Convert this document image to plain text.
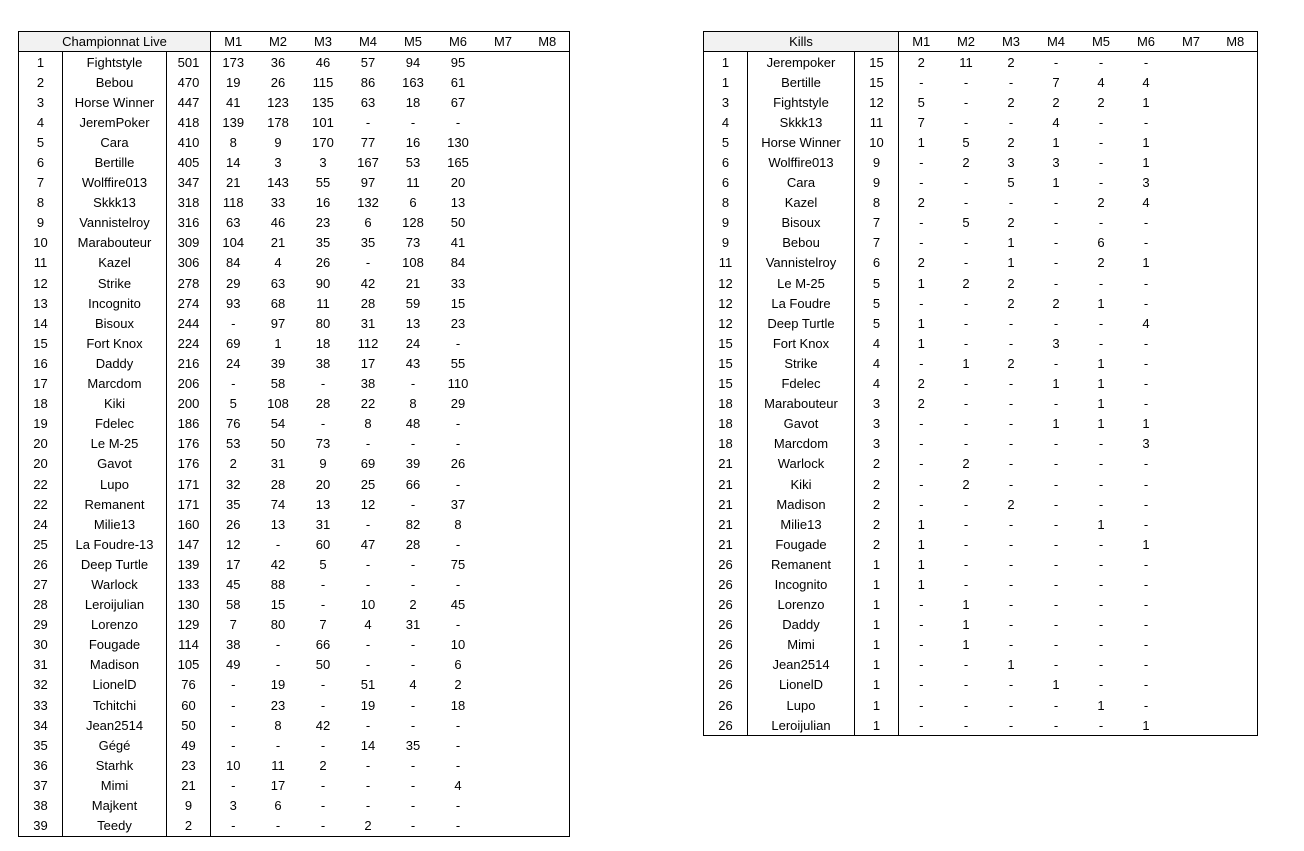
Championnat Live			M1	M2	M3	M4	M5	M6	M7	M8
1	Fightstyle	501	173	36	46	57	94	95		
2	Bebou	470	19	26	115	86	163	61		
3	Horse Winner	447	41	123	135	63	18	67		
4	JeremPoker	418	139	178	101	-	-	-		
5	Cara	410	8	9	170	77	16	130		
6	Bertille	405	14	3	3	167	53	165		
7	Wolffire013	347	21	143	55	97	11	20		
8	Skkk13	318	118	33	16	132	6	13		
9	Vannistelroy	316	63	46	23	6	128	50		
10	Marabouteur	309	104	21	35	35	73	41		
11	Kazel	306	84	4	26	-	108	84		
12	Strike	278	29	63	90	42	21	33		
13	Incognito	274	93	68	11	28	59	15		
14	Bisoux	244	-	97	80	31	13	23		
15	Fort Knox	224	69	1	18	112	24	-		
16	Daddy	216	24	39	38	17	43	55		
17	Marcdom	206	-	58	-	38	-	110		
18	Kiki	200	5	108	28	22	8	29		
19	Fdelec	186	76	54	-	8	48	-		
20	Le M-25	176	53	50	73	-	-	-		
20	Gavot	176	2	31	9	69	39	26		
22	Lupo	171	32	28	20	25	66	-		
22	Remanent	171	35	74	13	12	-	37		
24	Milie13	160	26	13	31	-	82	8		
25	La Foudre-13	147	12	-	60	47	28	-		
26	Deep Turtle	139	17	42	5	-	-	75		
27	Warlock	133	45	88	-	-	-	-		
28	Leroijulian	130	58	15	-	10	2	45		
29	Lorenzo	129	7	80	7	4	31	-		
30	Fougade	114	38	-	66	-	-	10		
31	Madison	105	49	-	50	-	-	6		
32	LionelD	76	-	19	-	51	4	2		
33	Tchitchi	60	-	23	-	19	-	18		
34	Jean2514	50	-	8	42	-	-	-		
35	Gégé	49	-	-	-	14	35	-		
36	Starhk	23	10	11	2	-	-	-		
37	Mimi	21	-	17	-	-	-	4		
38	Majkent	9	3	6	-	-	-	-		
39	Teedy	2	-	-	-	2	-	-		
Kills			M1	M2	M3	M4	M5	M6	M7	M8
1	Jerempoker	15	2	11	2	-	-	-		
1	Bertille	15	-	-	-	7	4	4		
3	Fightstyle	12	5	-	2	2	2	1		
4	Skkk13	11	7	-	-	4	-	-		
5	Horse Winner	10	1	5	2	1	-	1		
6	Wolffire013	9	-	2	3	3	-	1		
6	Cara	9	-	-	5	1	-	3		
8	Kazel	8	2	-	-	-	2	4		
9	Bisoux	7	-	5	2	-	-	-		
9	Bebou	7	-	-	1	-	6	-		
11	Vannistelroy	6	2	-	1	-	2	1		
12	Le M-25	5	1	2	2	-	-	-		
12	La Foudre	5	-	-	2	2	1	-		
12	Deep Turtle	5	1	-	-	-	-	4		
15	Fort Knox	4	1	-	-	3	-	-		
15	Strike	4	-	1	2	-	1	-		
15	Fdelec	4	2	-	-	1	1	-		
18	Marabouteur	3	2	-	-	-	1	-		
18	Gavot	3	-	-	-	1	1	1		
18	Marcdom	3	-	-	-	-	-	3		
21	Warlock	2	-	2	-	-	-	-		
21	Kiki	2	-	2	-	-	-	-		
21	Madison	2	-	-	2	-	-	-		
21	Milie13	2	1	-	-	-	1	-		
21	Fougade	2	1	-	-	-	-	1		
26	Remanent	1	1	-	-	-	-	-		
26	Incognito	1	1	-	-	-	-	-		
26	Lorenzo	1	-	1	-	-	-	-		
26	Daddy	1	-	1	-	-	-	-		
26	Mimi	1	-	1	-	-	-	-		
26	Jean2514	1	-	-	1	-	-	-		
26	LionelD	1	-	-	-	1	-	-		
26	Lupo	1	-	-	-	-	1	-		
26	Leroijulian	1	-	-	-	-	-	1		
